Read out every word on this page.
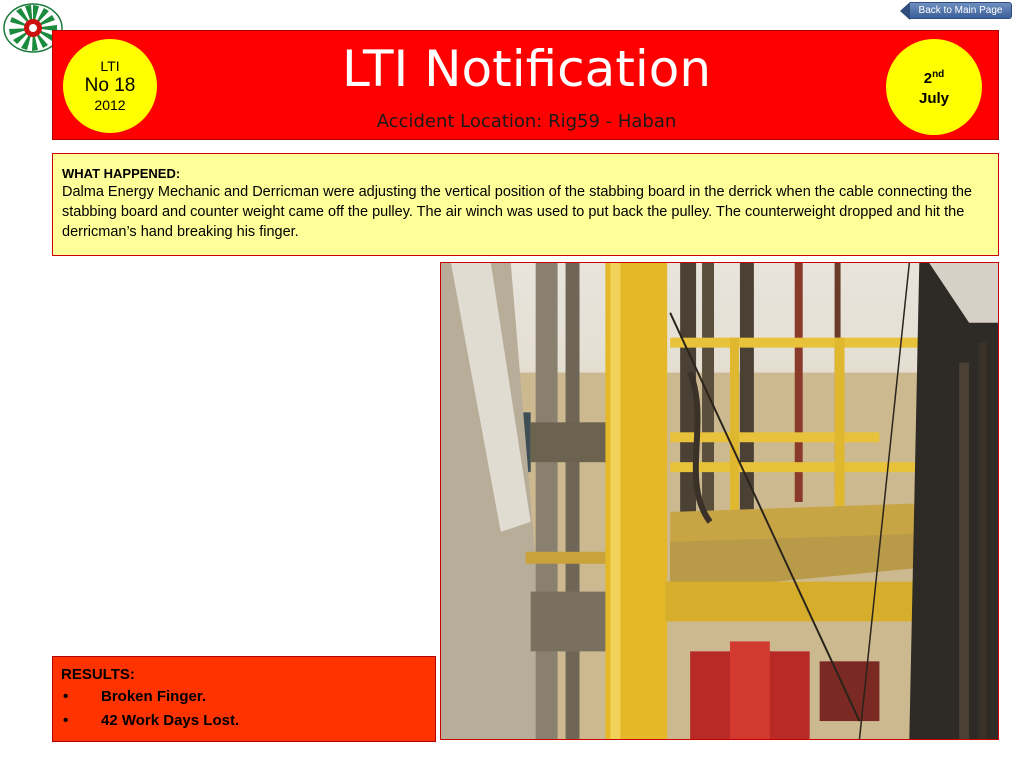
Back to Main Page
LTI
No 18
2012
LTI Notification
Accident Location: Rig59 - Haban
2nd
July
WHAT HAPPENED:
Dalma Energy Mechanic and Derricman were adjusting the vertical position of the stabbing board in the derrick when the cable connecting the stabbing board and counter weight came off the pulley. The air winch was used to put back the pulley. The counterweight dropped and hit the derricman’s hand breaking his finger.
RESULTS:
•	Broken Finger.
•	42 Work Days Lost.
